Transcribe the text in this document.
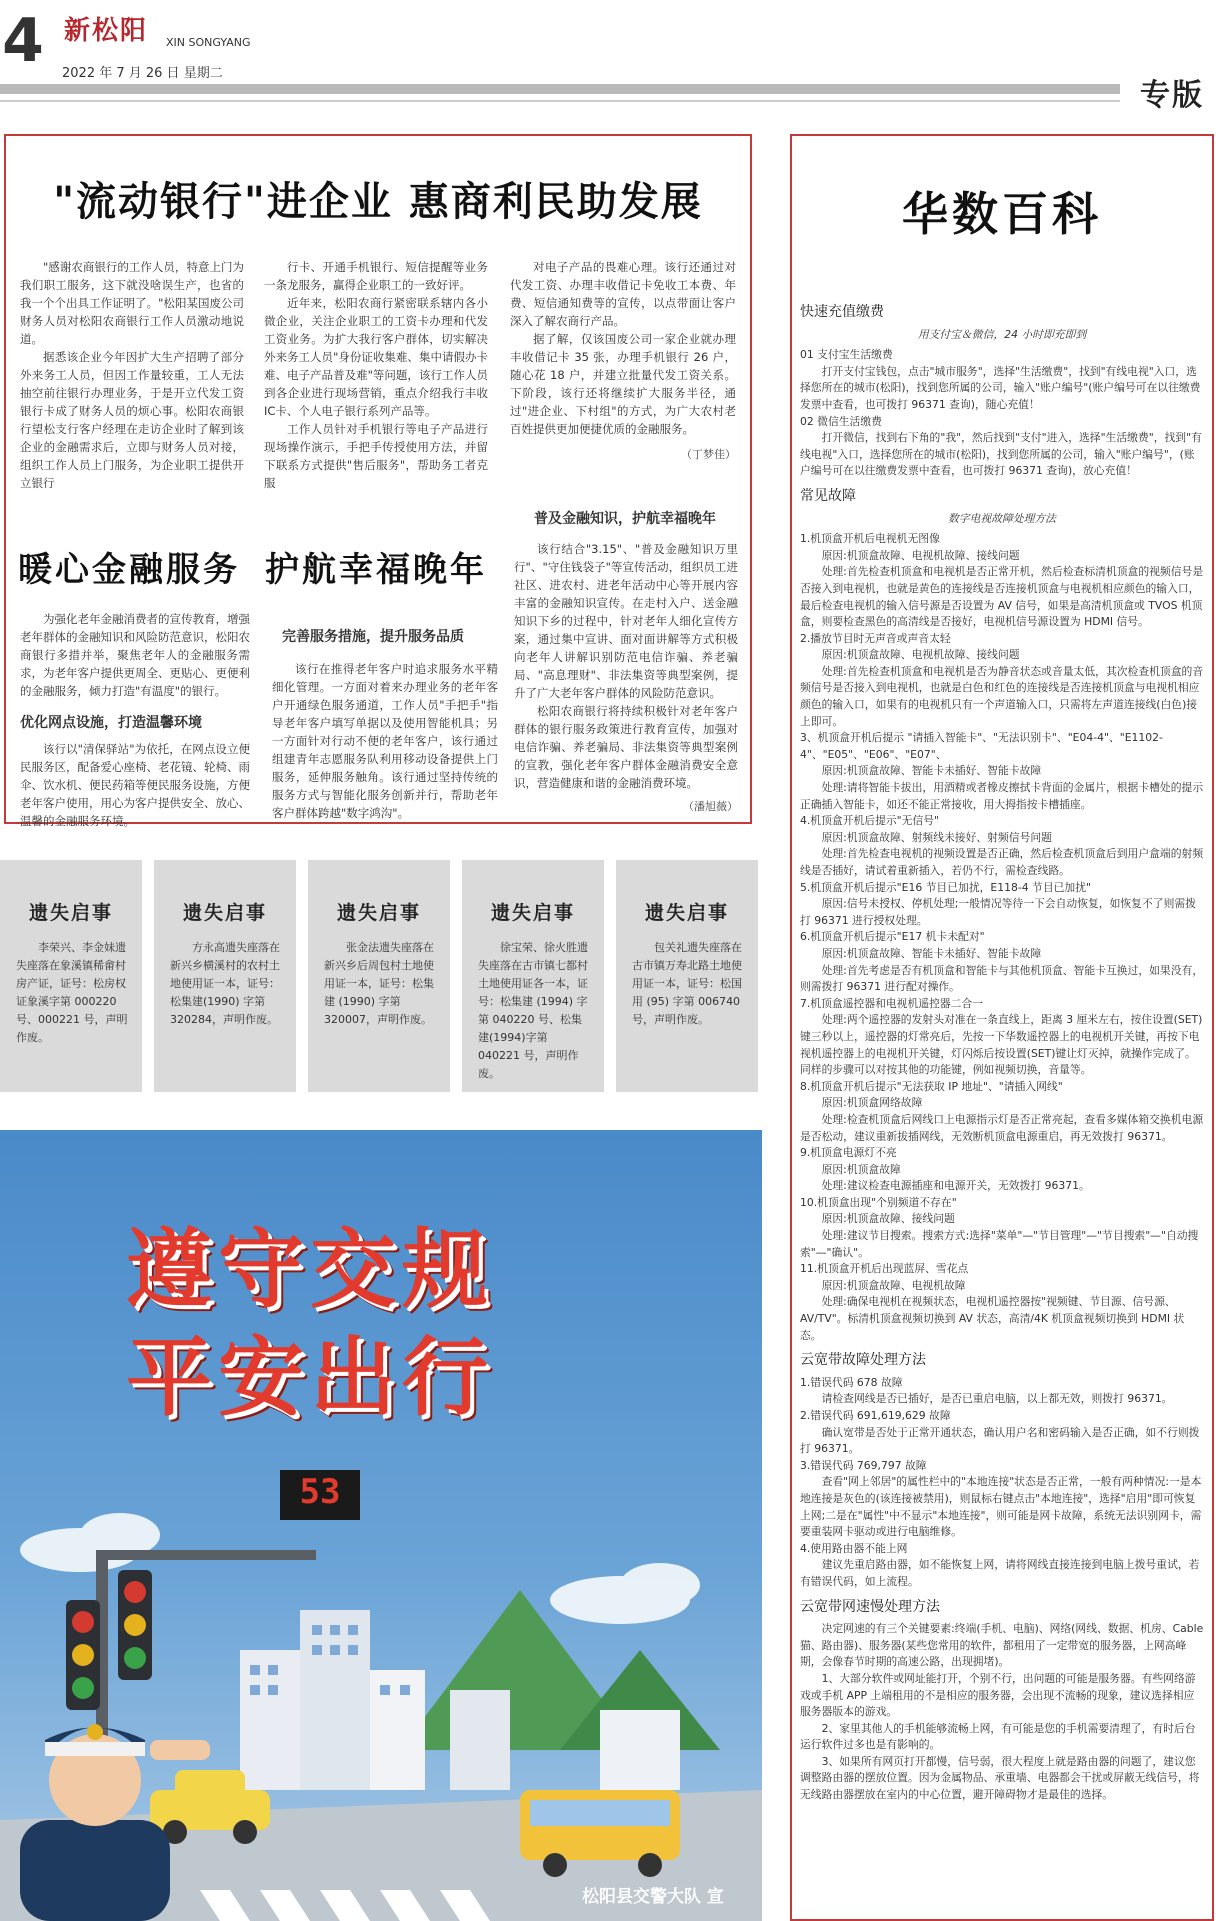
4 新松阳 XIN SONGYANG
2022 年 7 月 26 日 星期二
专版
"流动银行"进企业 惠商利民助发展

"感谢农商银行的工作人员，特意上门为我们职工服务，这下就没啥误生产，也省的我一个个出具工作证明了。"松阳某国废公司财务人员对松阳农商银行工作人员激动地说道。

据悉该企业今年因扩大生产招聘了部分外来务工人员，但因工作量较重，工人无法抽空前往银行办理业务，于是开立代发工资银行卡成了财务人员的烦心事。松阳农商银行望松支行客户经理在走访企业时了解到该企业的金融需求后，立即与财务人员对接，组织工作人员上门服务，为企业职工提供开立银行

行卡、开通手机银行、短信提醒等业务一条龙服务，赢得企业职工的一致好评。

近年来，松阳农商行紧密联系辖内各小微企业，关注企业职工的工资卡办理和代发工资业务。为扩大我行客户群体，切实解决外来务工人员"身份证收集难、集中请假办卡难、电子产品普及难"等问题，该行工作人员到各企业进行现场营销，重点介绍我行丰收IC卡、个人电子银行系列产品等。

工作人员针对手机银行等电子产品进行现场操作演示，手把手传授使用方法，并留下联系方式提供"售后服务"，帮助务工者克服

对电子产品的畏难心理。该行还通过对代发工资、办理丰收借记卡免收工本费、年费、短信通知费等的宣传，以点带面让客户深入了解农商行产品。

据了解，仅该国废公司一家企业就办理丰收借记卡 35 张，办理手机银行 26 户，随心花 18 户，并建立批量代发工资关系。下阶段，该行还将继续扩大服务半径，通过"进企业、下村组"的方式，为广大农村老百姓提供更加便捷优质的金融服务。

（丁梦佳）
暖心金融服务 护航幸福晚年

为强化老年金融消费者的宣传教育，增强老年群体的金融知识和风险防范意识，松阳农商银行多措并举，聚焦老年人的金融服务需求，为老年客户提供更周全、更贴心、更便利的金融服务，倾力打造"有温度"的银行。

优化网点设施，打造温馨环境

该行以"清保驿站"为依托，在网点设立便民服务区，配备爱心座椅、老花镜、轮椅、雨伞、饮水机、便民药箱等便民服务设施，方便老年客户使用，用心为客户提供安全、放心、温馨的金融服务环境。

完善服务措施，提升服务品质

该行在推得老年客户时追求服务水平精细化管理。一方面对着来办理业务的老年客户开通绿色服务通道，工作人员"手把手"指导老年客户填写单据以及使用智能机具；另一方面针对行动不便的老年客户，该行通过组建青年志愿服务队利用移动设备提供上门服务，延伸服务触角。该行通过坚持传统的服务方式与智能化服务创新并行，帮助老年客户群体跨越"数字鸿沟"。

普及金融知识，护航幸福晚年

该行结合"3.15"、"普及金融知识万里行"、"守住钱袋子"等宣传活动，组织员工进社区、进农村、进老年活动中心等开展内容丰富的金融知识宣传。在走村入户、送金融知识下乡的过程中，针对老年人细化宣传方案，通过集中宣讲、面对面讲解等方式积极向老年人讲解识别防范电信诈骗、养老骗局、"高息理财"、非法集资等典型案例，提升了广大老年客户群体的风险防范意识。

松阳农商银行将持续积极针对老年客户群体的银行服务政策进行教育宣传，加强对电信诈骗、养老骗局、非法集资等典型案例的宣教，强化老年客户群体金融消费安全意识，营造健康和谐的金融消费环境。

（潘旭薇）
遗失启事
李荣兴、李金妹遗失座落在象溪镇稀畲村房产证，证号：松房权证象溪字第 000220 号、000221 号，声明作废。
遗失启事
方永高遗失座落在新兴乡横溪村的农村土地使用证一本，证号：松集建(1990) 字第 320284，声明作废。
遗失启事
张金法遗失座落在新兴乡后周包村土地使用证一本，证号：松集建 (1990) 字第 320007，声明作废。
遗失启事
徐宝荣、徐火胜遗失座落在古市镇七都村土地使用证各一本，证号：松集建 (1994) 字第 040220 号、松集建(1994)字第 040221 号，声明作废。
遗失启事
包关礼遗失座落在古市镇万寿北路土地使用证一本，证号：松国用 (95) 字第 006740 号，声明作废。
遵守交规
平安出行
53
松阳县交警大队 宣
华数百科
快速充值缴费

用支付宝＆微信，24 小时即充即到

01 支付宝生活缴费

打开支付宝钱包，点击"城市服务"，选择"生活缴费"，找到"有线电视"入口，选择您所在的城市(松阳)，找到您所属的公司，输入"账户编号"(账户编号可在以往缴费发票中查看，也可拨打 96371 查询)，随心充值！

02 微信生活缴费

打开微信，找到右下角的"我"，然后找到"支付"进入，选择"生活缴费"，找到"有线电视"入口，选择您所在的城市(松阳)，找到您所属的公司，输入"账户编号"，(账户编号可在以往缴费发票中查看，也可拨打 96371 查询)，放心充值！

常见故障

数字电视故障处理方法

1.机顶盒开机后电视机无图像

原因:机顶盒故障、电视机故障、接线问题

处理:首先检查机顶盒和电视机是否正常开机，然后检查标清机顶盒的视频信号是否接入到电视机，也就是黄色的连接线是否连接机顶盒与电视机相应颜色的输入口，最后检查电视机的输入信号源是否设置为 AV 信号，如果是高清机顶盒或 TVOS 机顶盒，则要检查黑色的高清线是否接好，电视机信号源设置为 HDMI 信号。

2.播放节目时无声音或声音太轻

原因:机顶盒故障、电视机故障、接线问题

处理:首先检查机顶盒和电视机是否为静音状态或音量太低，其次检查机顶盒的音频信号是否接入到电视机，也就是白色和红色的连接线是否连接机顶盒与电视机相应颜色的输入口，如果有的电视机只有一个声道输入口，只需将左声道连接线(白色)接上即可。

3、机顶盒开机后提示 "请插入智能卡"、"无法识别卡"、"E04-4"、"E1102-4"、"E05"、"E06"、"E07"、

原因:机顶盒故障、智能卡未插好、智能卡故障

处理:请将智能卡拔出，用酒精或者橡皮擦拭卡背面的金属片，根据卡槽处的提示正确插入智能卡，如还不能正常接收，用大拇指按卡槽插座。

4.机顶盒开机后提示"无信号"

原因:机顶盒故障、射频线未接好、射频信号问题

处理:首先检查电视机的视频设置是否正确，然后检查机顶盒后到用户盒端的射频线是否插好，请试着重新插入，若仍不行，需检查线路。

5.机顶盒开机后提示"E16 节目已加扰，E118-4 节目已加扰"

原因:信号未授权、停机处理;一般情况等待一下会自动恢复，如恢复不了则需拨打 96371 进行授权处理。

6.机顶盒开机后提示"E17 机卡未配对"

原因:机顶盒故障、智能卡未插好、智能卡故障

处理:首先考虑是否有机顶盒和智能卡与其他机顶盒、智能卡互换过，如果没有，则需拨打 96371 进行配对操作。

7.机顶盒遥控器和电视机遥控器二合一

处理:两个遥控器的发射头对准在一条直线上，距离 3 厘米左右，按住设置(SET)键三秒以上，遥控器的灯常亮后，先按一下华数遥控器上的电视机开关键，再按下电视机遥控器上的电视机开关键，灯闪烁后按设置(SET)键让灯灭掉，就操作完成了。同样的步骤可以对按其他的功能键，例如视频切换，音量等。

8.机顶盒开机后提示"无法获取 IP 地址"、"请插入网线"

原因:机顶盒网络故障

处理:检查机顶盒后网线口上电源指示灯是否正常亮起，查看多媒体箱交换机电源是否松动，建议重新拔插网线，无效断机顶盒电源重启，再无效拨打 96371。

9.机顶盒电源灯不亮

原因:机顶盒故障

处理:建议检查电源插座和电源开关，无效拨打 96371。

10.机顶盒出现"个别频道不存在"

原因:机顶盒故障、接线问题

处理:建议节目搜索。搜索方式:选择"菜单"—"节目管理"—"节目搜索"—"自动搜索"—"确认"。

11.机顶盒开机后出现蓝屏、雪花点

原因:机顶盒故障、电视机故障

处理:确保电视机在视频状态，电视机遥控器按"视频键、节目源、信号源、AV/TV"。标清机顶盒视频切换到 AV 状态，高清/4K 机顶盒视频切换到 HDMI 状态。

云宽带故障处理方法

1.错误代码 678 故障

请检查网线是否已插好，是否已重启电脑，以上都无效，则拨打 96371。

2.错误代码 691,619,629 故障

确认宽带是否处于正常开通状态，确认用户名和密码输入是否正确，如不行则拨打 96371。

3.错误代码 769,797 故障

查看"网上邻居"的属性栏中的"本地连接"状态是否正常，一般有两种情况:一是本地连接是灰色的(该连接被禁用)，则鼠标右键点击"本地连接"，选择"启用"即可恢复上网;二是在"属性"中不显示"本地连接"，则可能是网卡故障，系统无法识别网卡，需要重装网卡驱动或进行电脑维修。

4.使用路由器不能上网

建议先重启路由器，如不能恢复上网，请将网线直接连接到电脑上拨号重试，若有错误代码，如上流程。

云宽带网速慢处理方法

决定网速的有三个关键要素:终端(手机、电脑)、网络(网线、数据、机房、Cable 猫、路由器)、服务器(某些您常用的软件，都租用了一定带宽的服务器，上网高峰期，会像春节时期的高速公路，出现拥堵)。

1、大部分软件或网址能打开，个别不行，出问题的可能是服务器。有些网络游戏或手机 APP 上端租用的不是相应的服务器，会出现不流畅的现象，建议选择相应服务器版本的游戏。

2、家里其他人的手机能够流畅上网，有可能是您的手机需要清理了，有时后台运行软件过多也是有影响的。

3、如果所有网页打开都慢，信号弱，很大程度上就是路由器的问题了，建议您调整路由器的摆放位置。因为金属物品、承重墙、电器都会干扰或屏蔽无线信号，将无线路由器摆放在室内的中心位置，避开障碍物才是最佳的选择。
